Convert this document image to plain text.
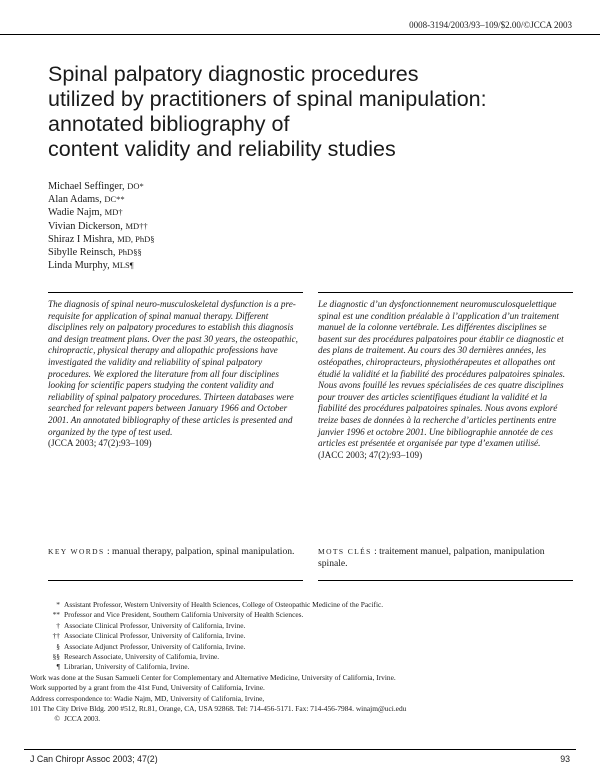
0008-3194/2003/93–109/$2.00/©JCCA 2003
Spinal palpatory diagnostic procedures
utilized by practitioners of spinal manipulation:
annotated bibliography of
content validity and reliability studies
Michael Seffinger, DO*
Alan Adams, DC**
Wadie Najm, MD†
Vivian Dickerson, MD††
Shiraz I Mishra, MD, PhD§
Sibylle Reinsch, PhD§§
Linda Murphy, MLS¶

The diagnosis of spinal neuro-musculoskeletal dysfunction is a pre-requisite for application of spinal manual therapy. Different disciplines rely on palpatory procedures to establish this diagnosis and design treatment plans. Over the past 30 years, the osteopathic, chiropractic, physical therapy and allopathic professions have investigated the validity and reliability of spinal palpatory procedures. We explored the literature from all four disciplines looking for scientific papers studying the content validity and reliability of spinal palpatory procedures. Thirteen databases were searched for relevant papers between January 1966 and October 2001. An annotated bibliography of these articles is presented and organized by the type of test used.

(JCCA 2003; 47(2):93–109)

Le diagnostic d’un dysfonctionnement neuromusculosquelettique spinal est une condition préalable à l’application d’un traitement manuel de la colonne vertébrale. Les différentes disciplines se basent sur des procédures palpatoires pour établir ce diagnostic et des plans de traitement. Au cours des 30 dernières années, les ostéopathes, chiropracteurs, physiothérapeutes et allopathes ont étudié la validité et la fiabilité des procédures palpatoires spinales. Nous avons fouillé les revues spécialisées de ces quatre disciplines pour trouver des articles scientifiques étudiant la validité et la fiabilité des procédures palpatoires spinales. Nous avons exploré treize bases de données à la recherche d’articles pertinents entre janvier 1996 et octobre 2001. Une bibliographie annotée de ces articles est présentée et organisée par type d’examen utilisé.

(JACC 2003; 47(2):93–109)

KEY WORDS : manual therapy, palpation, spinal manipulation.	MOTS CLÉS : traitement manuel, palpation, manipulation spinale.
* Assistant Professor, Western University of Health Sciences, College of Osteopathic Medicine of the Pacific.
** Professor and Vice President, Southern California University of Health Sciences.
† Associate Clinical Professor, University of California, Irvine.
†† Associate Clinical Professor, University of California, Irvine.
§ Associate Adjunct Professor, University of California, Irvine.
§§ Research Associate, University of California, Irvine.
¶ Librarian, University of California, Irvine.
Work was done at the Susan Samueli Center for Complementary and Alternative Medicine, University of California, Irvine.
Work supported by a grant from the 41st Fund, University of California, Irvine.
Address correspondence to: Wadie Najm, MD, University of California, Irvine,
101 The City Drive Bldg. 200 #512, Rt.81, Orange, CA, USA 92868. Tel: 714-456-5171. Fax: 714-456-7984. winajm@uci.edu
© JCCA 2003.
J Can Chiropr Assoc 2003; 47(2)	93
